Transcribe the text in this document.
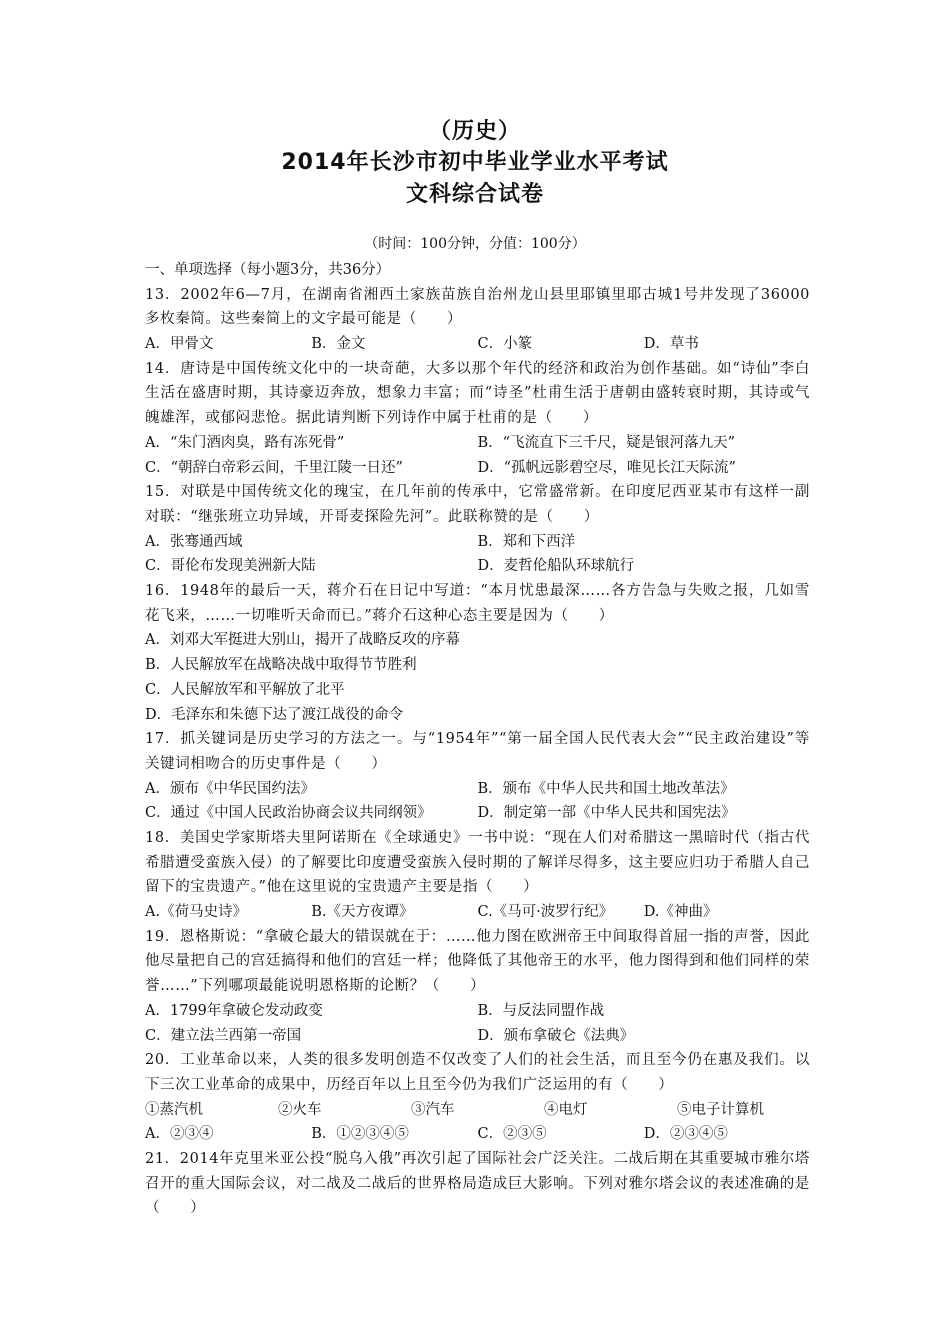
（历史）
2014年长沙市初中毕业学业水平考试
文科综合试卷
（时间：100分钟，分值：100分）
一、单项选择（每小题3分，共36分）
13．2002年6—7月，在湖南省湘西土家族苗族自治州龙山县里耶镇里耶古城1号井发现了36000多枚秦简。这些秦简上的文字最可能是（　　）
A．甲骨文	B．金文	C．小篆	D．草书
14．唐诗是中国传统文化中的一块奇葩，大多以那个年代的经济和政治为创作基础。如“诗仙”李白生活在盛唐时期，其诗豪迈奔放，想象力丰富；而“诗圣”杜甫生活于唐朝由盛转衰时期，其诗或气魄雄浑，或郁闷悲怆。据此请判断下列诗作中属于杜甫的是（　　）
A．“朱门酒肉臭，路有冻死骨”	B．“飞流直下三千尺，疑是银河落九天”
C．“朝辞白帝彩云间，千里江陵一日还”	D．“孤帆远影碧空尽，唯见长江天际流”
15．对联是中国传统文化的瑰宝，在几年前的传承中，它常盛常新。在印度尼西亚某市有这样一副对联：“继张班立功异域，开哥麦探险先河”。此联称赞的是（　　）
A．张骞通西域	B．郑和下西洋
C．哥伦布发现美洲新大陆	D．麦哲伦船队环球航行
16．1948年的最后一天，蒋介石在日记中写道：“本月忧患最深……各方告急与失败之报，几如雪花飞来，……一切唯听天命而已。”蒋介石这种心态主要是因为（　　）
A．刘邓大军挺进大别山，揭开了战略反攻的序幕
B．人民解放军在战略决战中取得节节胜利
C．人民解放军和平解放了北平
D．毛泽东和朱德下达了渡江战役的命令
17．抓关键词是历史学习的方法之一。与“1954年”“第一届全国人民代表大会”“民主政治建设”等关键词相吻合的历史事件是（　　）
A．颁布《中华民国约法》	B．颁布《中华人民共和国土地改革法》
C．通过《中国人民政治协商会议共同纲领》	D．制定第一部《中华人民共和国宪法》
18．美国史学家斯塔夫里阿诺斯在《全球通史》一书中说：“现在人们对希腊这一黑暗时代（指古代希腊遭受蛮族入侵）的了解要比印度遭受蛮族入侵时期的了解详尽得多，这主要应归功于希腊人自己留下的宝贵遗产。”他在这里说的宝贵遗产主要是指（　　）
A.《荷马史诗》	B.《天方夜谭》	C.《马可·波罗行纪》	D.《神曲》
19．恩格斯说：“拿破仑最大的错误就在于：……他力图在欧洲帝王中间取得首屈一指的声誉，因此他尽量把自己的宫廷搞得和他们的宫廷一样；他降低了其他帝王的水平，他力图得到和他们同样的荣誉……”下列哪项最能说明恩格斯的论断？（　　）
A．1799年拿破仑发动政变	B．与反法同盟作战
C．建立法兰西第一帝国	D．颁布拿破仑《法典》
20．工业革命以来，人类的很多发明创造不仅改变了人们的社会生活，而且至今仍在惠及我们。以下三次工业革命的成果中，历经百年以上且至今仍为我们广泛运用的有（　　）
①蒸汽机	②火车	③汽车	④电灯	⑤电子计算机
A．②③④	B．①②③④⑤	C．②③⑤	D．②③④⑤
21．2014年克里米亚公投“脱乌入俄”再次引起了国际社会广泛关注。二战后期在其重要城市雅尔塔召开的重大国际会议，对二战及二战后的世界格局造成巨大影响。下列对雅尔塔会议的表述准确的是（　　）
